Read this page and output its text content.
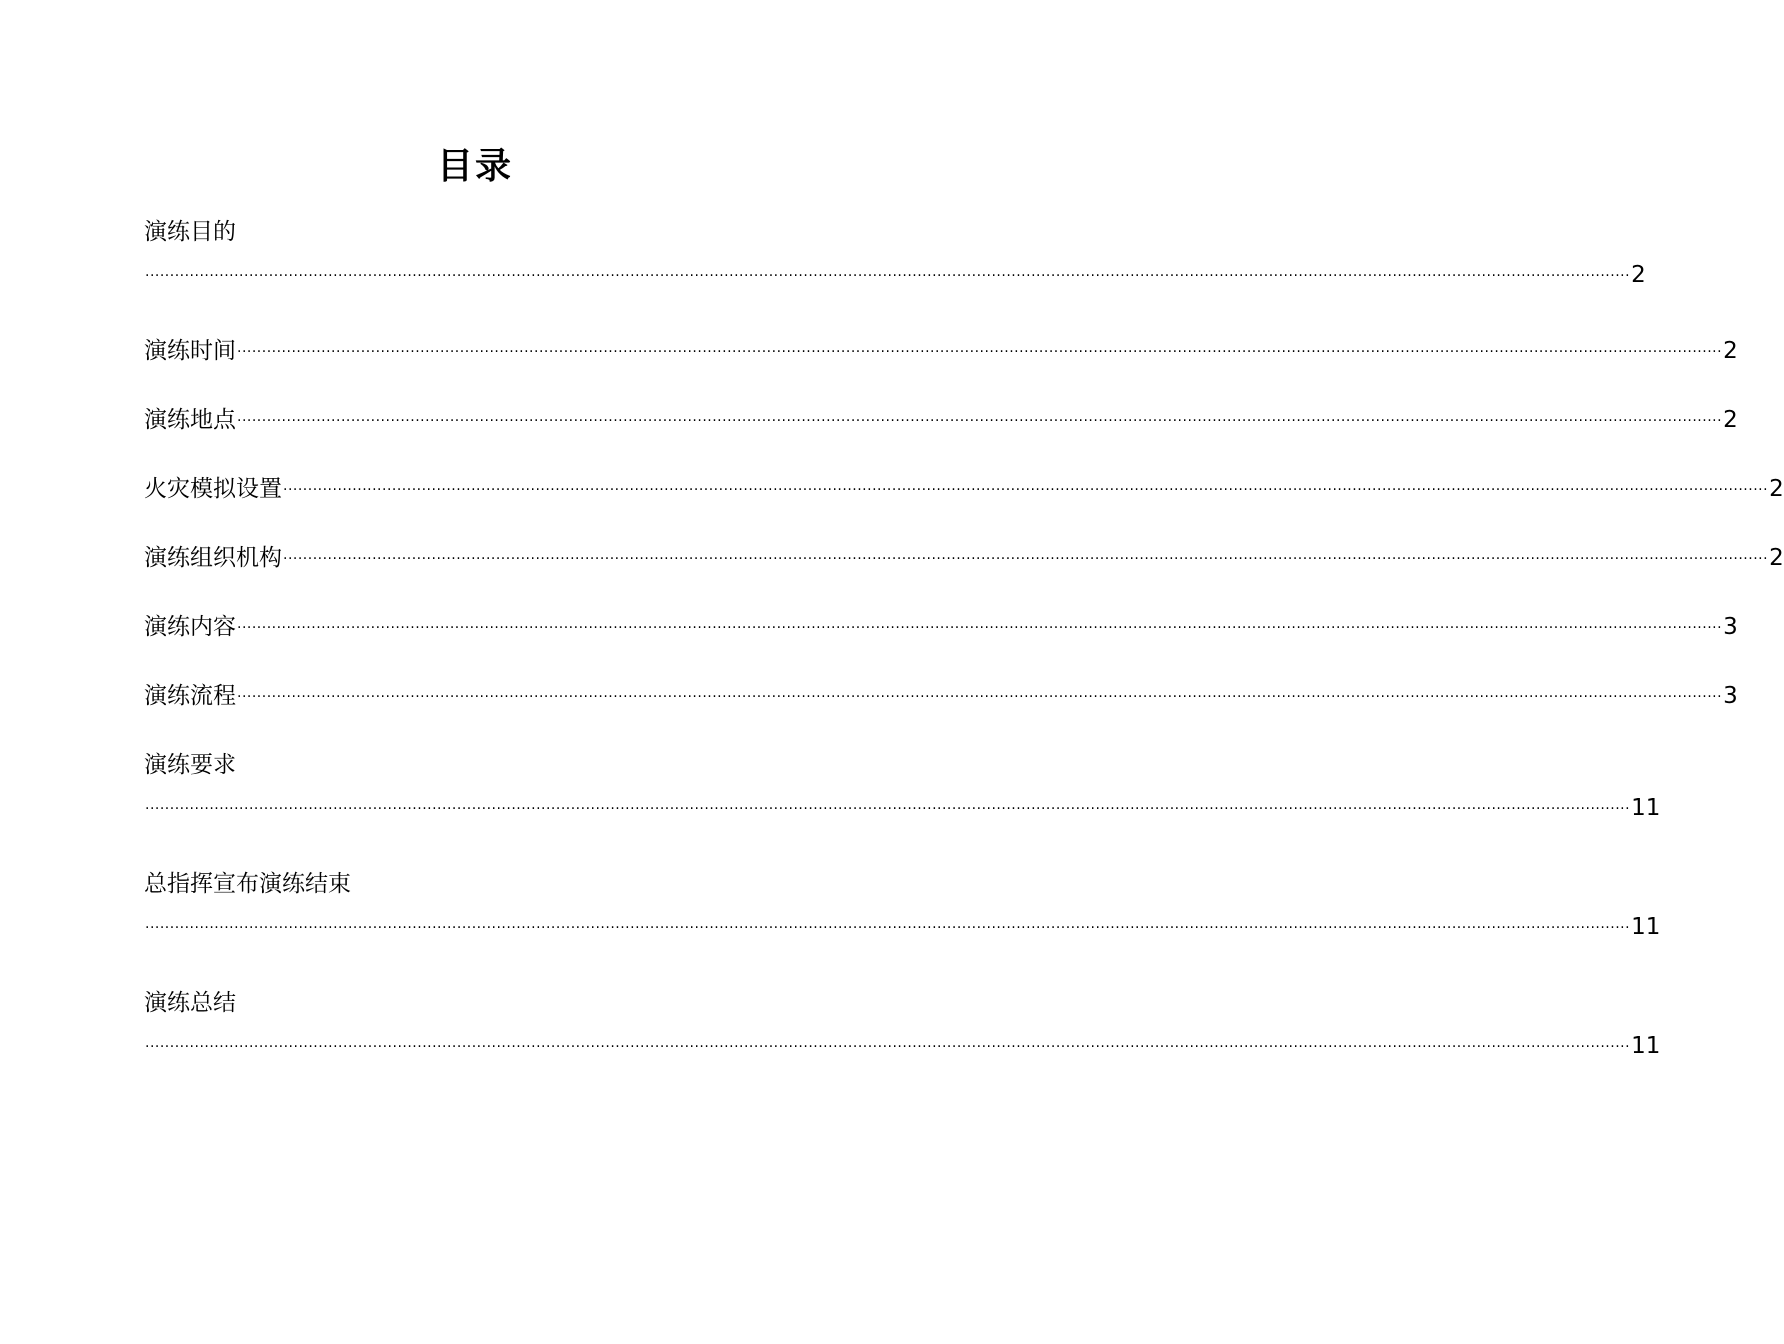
目录
演练目的
············································································································································································································································································································ 2
演练时间 ············································································································································································································································································································ 2
演练地点 ············································································································································································································································································································ 2
火灾模拟设置 ············································································································································································································································································································ 2
演练组织机构 ············································································································································································································································································································ 2
演练内容 ············································································································································································································································································································ 3
演练流程 ············································································································································································································································································································ 3
演练要求
············································································································································································································································································································ 11
总指挥宣布演练结束
············································································································································································································································································································ 11
演练总结
············································································································································································································································································································ 11
